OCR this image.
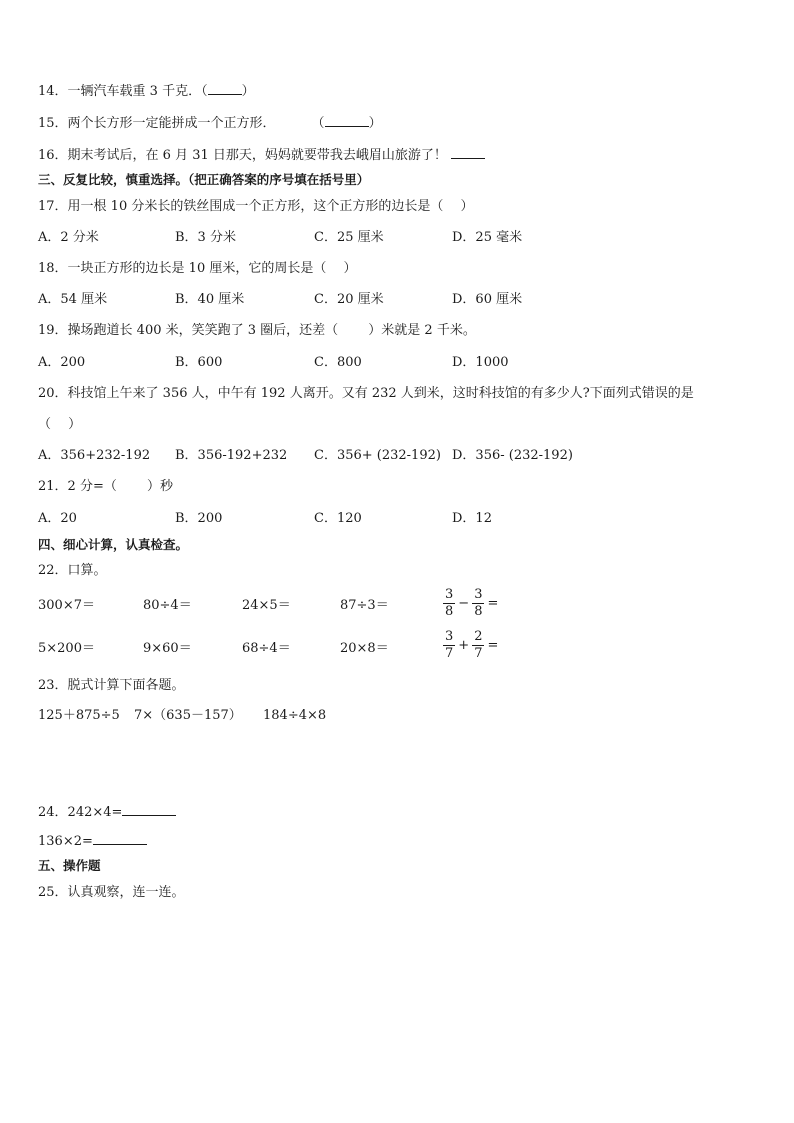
14．一辆汽车载重 3 千克．（	）
15．两个长方形一定能拼成一个正方形．	（	）
16．期末考试后，在 6 月 31 日那天，妈妈就要带我去峨眉山旅游了！
三、反复比较，慎重选择。（把正确答案的序号填在括号里）
17．用一根 10 分米长的铁丝围成一个正方形，这个正方形的边长是（　 ）
A．2 分米	B．3 分米	C．25 厘米	D．25 毫米
18．一块正方形的边长是 10 厘米，它的周长是（　 ）
A．54 厘米	B．40 厘米	C．20 厘米	D．60 厘米
19．操场跑道长 400 米，笑笑跑了 3 圈后，还差（　　 ）米就是 2 千米。
A．200	B．600	C．800	D．1000
20．科技馆上午来了 356 人，中午有 192 人离开。又有 232 人到米，这时科技馆的有多少人?下面列式错误的是
（　 ）
A．356+232-192 B．356-192+232 C．356+ (232-192) D．356- (232-192)
21．2 分=（　　 ）秒
A．20	B．200	C．120	D．12
四、细心计算，认真检查。
22．口算。
300×7＝	80÷4＝	24×5＝	87÷3＝	$\frac{3}{8} - \frac{3}{8}$ =
5×200＝	9×60＝	68÷4＝	20×8＝	$\frac{3}{7} + \frac{2}{7}$ =
23．脱式计算下面各题。
125＋875÷5 7×（635－157） 184÷4×8
24．242×4=
136×2=
五、操作题
25．认真观察，连一连。
